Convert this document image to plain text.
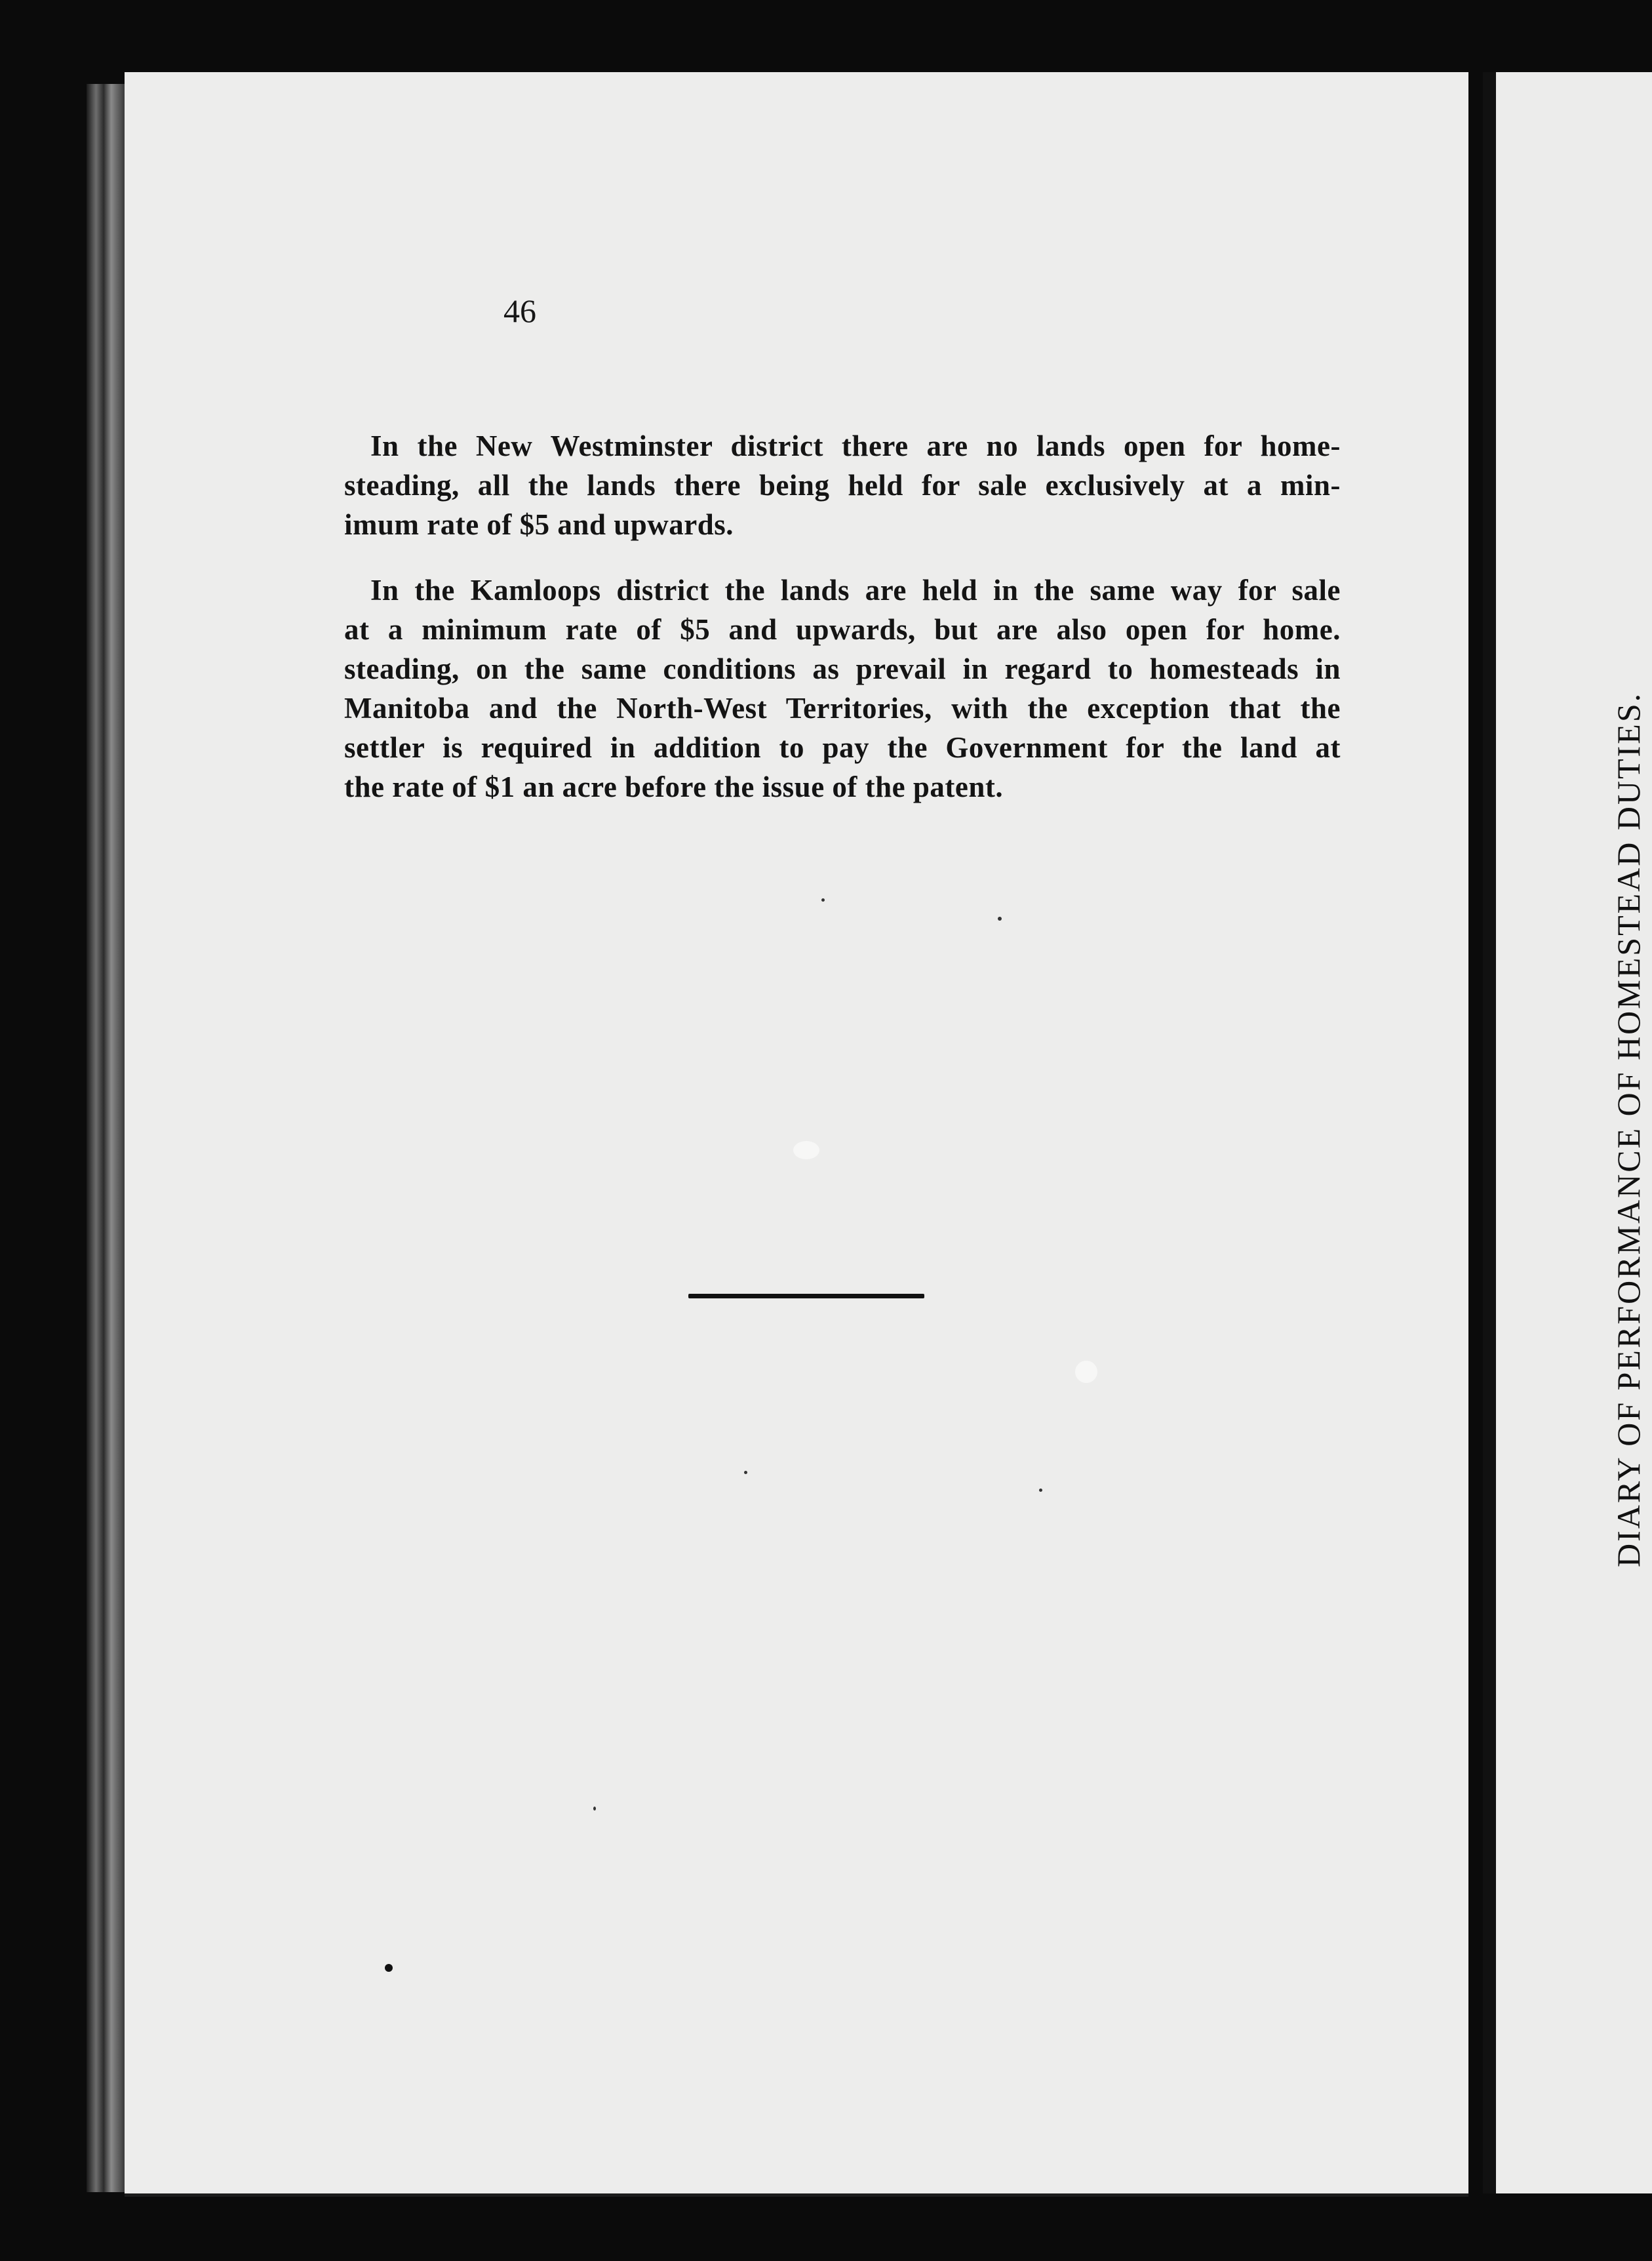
46

In the New Westminster district there are no lands open for home-
steading, all the lands there being held for sale exclusively at a min-
imum rate of $5 and upwards.

In the Kamloops district the lands are held in the same way for sale
at a minimum rate of $5 and upwards, but are also open for home.
steading, on the same conditions as prevail in regard to homesteads in
Manitoba and the North-West Territories, with the exception that the
settler is required in addition to pay the Government for the land at
the rate of $1 an acre before the issue of the patent.	DIARY OF PERFORMANCE OF HOMESTEAD DUTIES.
